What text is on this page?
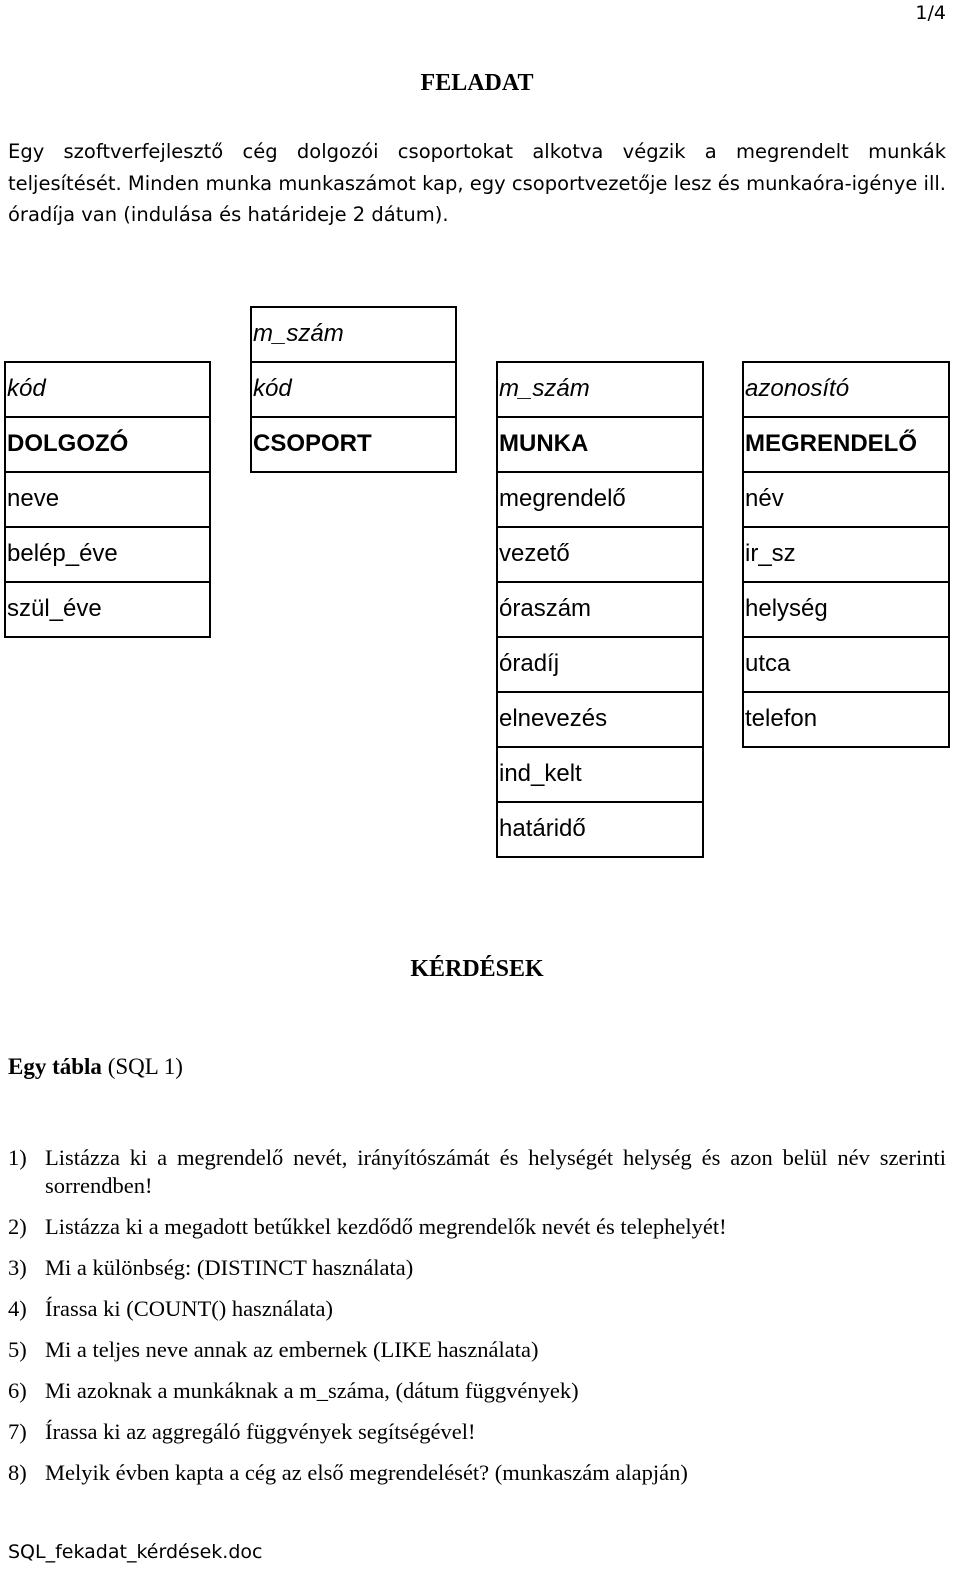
1/4
FELADAT

Egy szoftverfejlesztő cég dolgozói csoportokat alkotva végzik a megrendelt munkák teljesítését. Minden munka munkaszámot kap, egy csoportvezetője lesz és munkaóra-igénye ill. óradíja van (indulása és határideje 2 dátum).

kód
DOLGOZÓ
neve
belép_éve
szül_éve
m_szám
kód
CSOPORT
m_szám
MUNKA
megrendelő
vezető
óraszám
óradíj
elnevezés
ind_kelt
határidő
azonosító
MEGRENDELŐ
név
ir_sz
helység
utca
telefon
KÉRDÉSEK
Egy tábla (SQL 1)
1) Listázza ki a megrendelő nevét, irányítószámát és helységét helység és azon belül név szerinti sorrendben!
2) Listázza ki a megadott betűkkel kezdődő megrendelők nevét és telephelyét!
3) Mi a különbség: (DISTINCT használata)
4) Írassa ki (COUNT() használata)
5) Mi a teljes neve annak az embernek (LIKE használata)
6) Mi azoknak a munkáknak a m_száma, (dátum függvények)
7) Írassa ki az aggregáló függvények segítségével!
8) Melyik évben kapta a cég az első megrendelését? (munkaszám alapján)
SQL_fekadat_kérdések.doc
